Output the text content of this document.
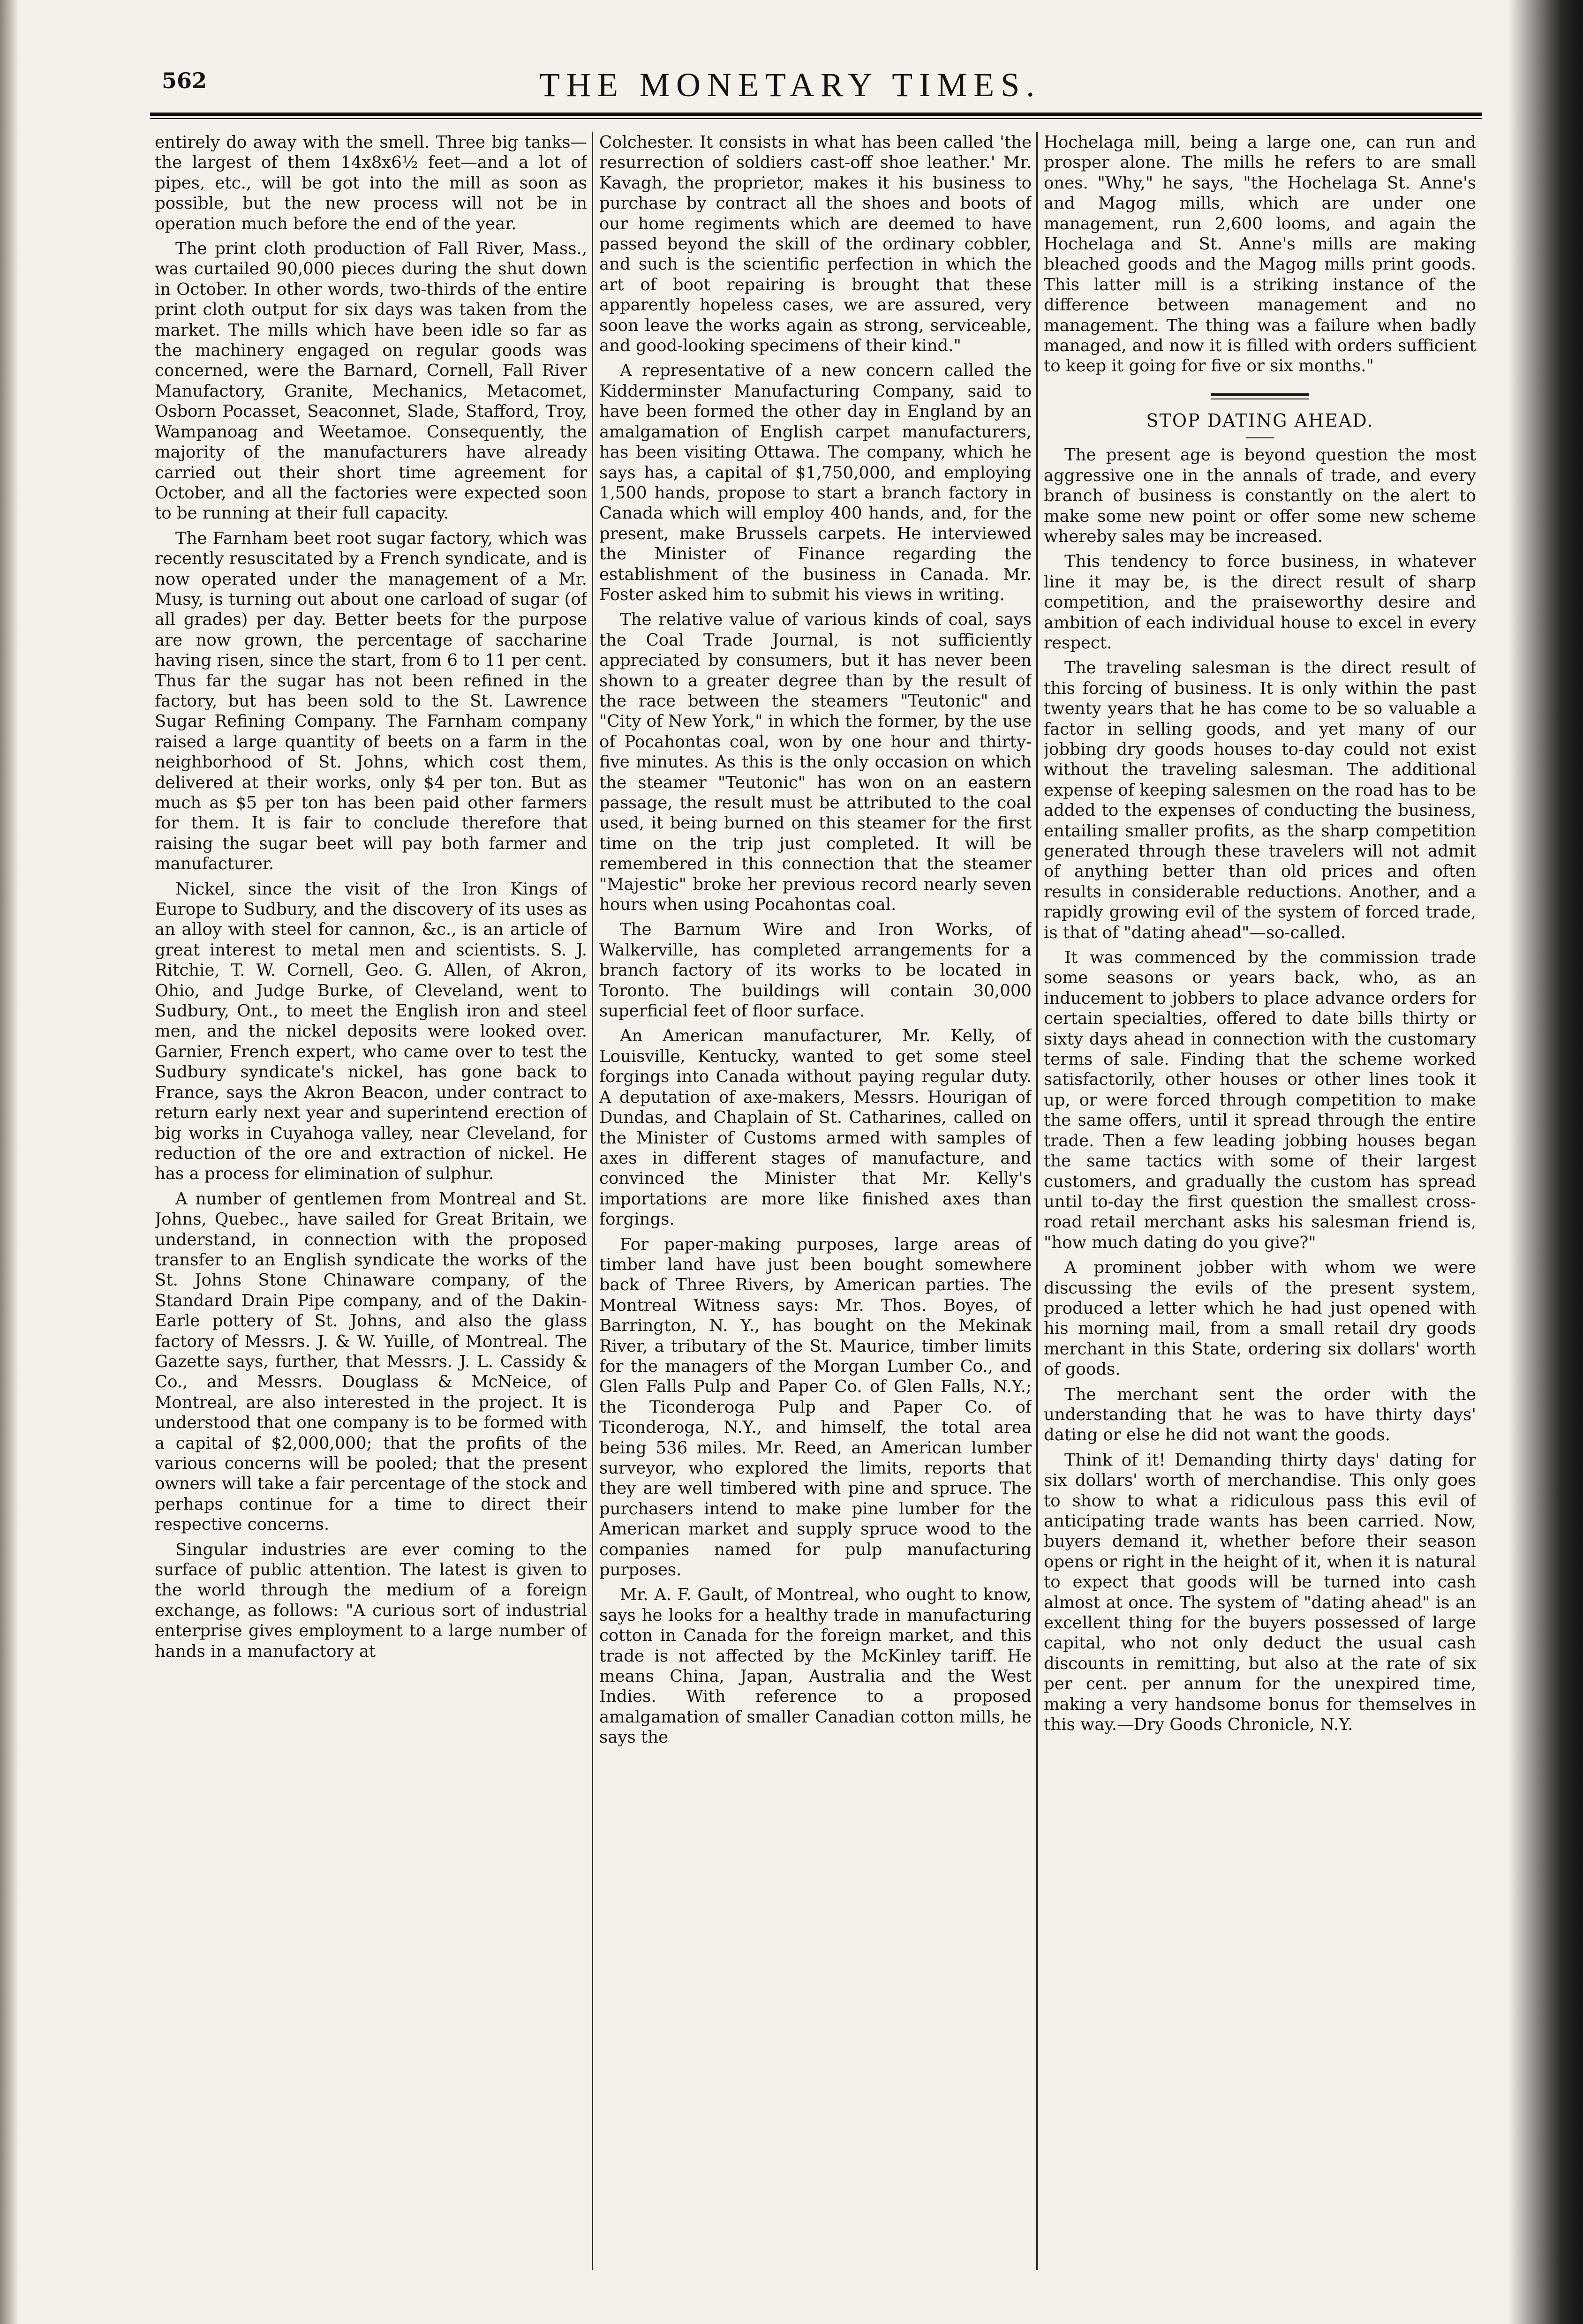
562	THE MONETARY TIMES.

entirely do away with the smell. Three big tanks—the largest of them 14x8x6½ feet—and a lot of pipes, etc., will be got into the mill as soon as possible, but the new process will not be in operation much before the end of the year.

The print cloth production of Fall River, Mass., was curtailed 90,000 pieces during the shut down in October. In other words, two-thirds of the entire print cloth output for six days was taken from the market. The mills which have been idle so far as the machinery engaged on regular goods was concerned, were the Barnard, Cornell, Fall River Manufactory, Granite, Mechanics, Metacomet, Osborn Pocasset, Seaconnet, Slade, Stafford, Troy, Wampanoag and Weetamoe. Consequently, the majority of the manufacturers have already carried out their short time agreement for October, and all the factories were expected soon to be running at their full capacity.

The Farnham beet root sugar factory, which was recently resuscitated by a French syndicate, and is now operated under the management of a Mr. Musy, is turning out about one carload of sugar (of all grades) per day. Better beets for the purpose are now grown, the percentage of saccharine having risen, since the start, from 6 to 11 per cent. Thus far the sugar has not been refined in the factory, but has been sold to the St. Lawrence Sugar Refining Company. The Farnham company raised a large quantity of beets on a farm in the neighborhood of St. Johns, which cost them, delivered at their works, only $4 per ton. But as much as $5 per ton has been paid other farmers for them. It is fair to conclude therefore that raising the sugar beet will pay both farmer and manufacturer.

Nickel, since the visit of the Iron Kings of Europe to Sudbury, and the discovery of its uses as an alloy with steel for cannon, &c., is an article of great interest to metal men and scientists. S. J. Ritchie, T. W. Cornell, Geo. G. Allen, of Akron, Ohio, and Judge Burke, of Cleveland, went to Sudbury, Ont., to meet the English iron and steel men, and the nickel deposits were looked over. Garnier, French expert, who came over to test the Sudbury syndicate's nickel, has gone back to France, says the Akron Beacon, under contract to return early next year and superintend erection of big works in Cuyahoga valley, near Cleveland, for reduction of the ore and extraction of nickel. He has a process for elimination of sulphur.

A number of gentlemen from Montreal and St. Johns, Quebec., have sailed for Great Britain, we understand, in connection with the proposed transfer to an English syndicate the works of the St. Johns Stone Chinaware company, of the Standard Drain Pipe company, and of the Dakin-Earle pottery of St. Johns, and also the glass factory of Messrs. J. & W. Yuille, of Montreal. The Gazette says, further, that Messrs. J. L. Cassidy & Co., and Messrs. Douglass & McNeice, of Montreal, are also interested in the project. It is understood that one company is to be formed with a capital of $2,000,000; that the profits of the various concerns will be pooled; that the present owners will take a fair percentage of the stock and perhaps continue for a time to direct their respective concerns.

Singular industries are ever coming to the surface of public attention. The latest is given to the world through the medium of a foreign exchange, as follows: "A curious sort of industrial enterprise gives employment to a large number of hands in a manufactory at

Colchester. It consists in what has been called 'the resurrection of soldiers cast-off shoe leather.' Mr. Kavagh, the proprietor, makes it his business to purchase by contract all the shoes and boots of our home regiments which are deemed to have passed beyond the skill of the ordinary cobbler, and such is the scientific perfection in which the art of boot repairing is brought that these apparently hopeless cases, we are assured, very soon leave the works again as strong, serviceable, and good-looking specimens of their kind."

A representative of a new concern called the Kidderminster Manufacturing Company, said to have been formed the other day in England by an amalgamation of English carpet manufacturers, has been visiting Ottawa. The company, which he says has, a capital of $1,750,000, and employing 1,500 hands, propose to start a branch factory in Canada which will employ 400 hands, and, for the present, make Brussels carpets. He interviewed the Minister of Finance regarding the establishment of the business in Canada. Mr. Foster asked him to submit his views in writing.

The relative value of various kinds of coal, says the Coal Trade Journal, is not sufficiently appreciated by consumers, but it has never been shown to a greater degree than by the result of the race between the steamers "Teutonic" and "City of New York," in which the former, by the use of Pocahontas coal, won by one hour and thirty-five minutes. As this is the only occasion on which the steamer "Teutonic" has won on an eastern passage, the result must be attributed to the coal used, it being burned on this steamer for the first time on the trip just completed. It will be remembered in this connection that the steamer "Majestic" broke her previous record nearly seven hours when using Pocahontas coal.

The Barnum Wire and Iron Works, of Walkerville, has completed arrangements for a branch factory of its works to be located in Toronto. The buildings will contain 30,000 superficial feet of floor surface.

An American manufacturer, Mr. Kelly, of Louisville, Kentucky, wanted to get some steel forgings into Canada without paying regular duty. A deputation of axe-makers, Messrs. Hourigan of Dundas, and Chaplain of St. Catharines, called on the Minister of Customs armed with samples of axes in different stages of manufacture, and convinced the Minister that Mr. Kelly's importations are more like finished axes than forgings.

For paper-making purposes, large areas of timber land have just been bought somewhere back of Three Rivers, by American parties. The Montreal Witness says: Mr. Thos. Boyes, of Barrington, N. Y., has bought on the Mekinak River, a tributary of the St. Maurice, timber limits for the managers of the Morgan Lumber Co., and Glen Falls Pulp and Paper Co. of Glen Falls, N.Y.; the Ticonderoga Pulp and Paper Co. of Ticonderoga, N.Y., and himself, the total area being 536 miles. Mr. Reed, an American lumber surveyor, who explored the limits, reports that they are well timbered with pine and spruce. The purchasers intend to make pine lumber for the American market and supply spruce wood to the companies named for pulp manufacturing purposes.

Mr. A. F. Gault, of Montreal, who ought to know, says he looks for a healthy trade in manufacturing cotton in Canada for the foreign market, and this trade is not affected by the McKinley tariff. He means China, Japan, Australia and the West Indies. With reference to a proposed amalgamation of smaller Canadian cotton mills, he says the

Hochelaga mill, being a large one, can run and prosper alone. The mills he refers to are small ones. "Why," he says, "the Hochelaga St. Anne's and Magog mills, which are under one management, run 2,600 looms, and again the Hochelaga and St. Anne's mills are making bleached goods and the Magog mills print goods. This latter mill is a striking instance of the difference between management and no management. The thing was a failure when badly managed, and now it is filled with orders sufficient to keep it going for five or six months."

STOP DATING AHEAD.

The present age is beyond question the most aggressive one in the annals of trade, and every branch of business is constantly on the alert to make some new point or offer some new scheme whereby sales may be increased.

This tendency to force business, in whatever line it may be, is the direct result of sharp competition, and the praiseworthy desire and ambition of each individual house to excel in every respect.

The traveling salesman is the direct result of this forcing of business. It is only within the past twenty years that he has come to be so valuable a factor in selling goods, and yet many of our jobbing dry goods houses to-day could not exist without the traveling salesman. The additional expense of keeping salesmen on the road has to be added to the expenses of conducting the business, entailing smaller profits, as the sharp competition generated through these travelers will not admit of anything better than old prices and often results in considerable reductions. Another, and a rapidly growing evil of the system of forced trade, is that of "dating ahead"—so-called.

It was commenced by the commission trade some seasons or years back, who, as an inducement to jobbers to place advance orders for certain specialties, offered to date bills thirty or sixty days ahead in connection with the customary terms of sale. Finding that the scheme worked satisfactorily, other houses or other lines took it up, or were forced through competition to make the same offers, until it spread through the entire trade. Then a few leading jobbing houses began the same tactics with some of their largest customers, and gradually the custom has spread until to-day the first question the smallest cross-road retail merchant asks his salesman friend is, "how much dating do you give?"

A prominent jobber with whom we were discussing the evils of the present system, produced a letter which he had just opened with his morning mail, from a small retail dry goods merchant in this State, ordering six dollars' worth of goods.

The merchant sent the order with the understanding that he was to have thirty days' dating or else he did not want the goods.

Think of it! Demanding thirty days' dating for six dollars' worth of merchandise. This only goes to show to what a ridiculous pass this evil of anticipating trade wants has been carried. Now, buyers demand it, whether before their season opens or right in the height of it, when it is natural to expect that goods will be turned into cash almost at once. The system of "dating ahead" is an excellent thing for the buyers possessed of large capital, who not only deduct the usual cash discounts in remitting, but also at the rate of six per cent. per annum for the unexpired time, making a very handsome bonus for themselves in this way.—Dry Goods Chronicle, N.Y.
